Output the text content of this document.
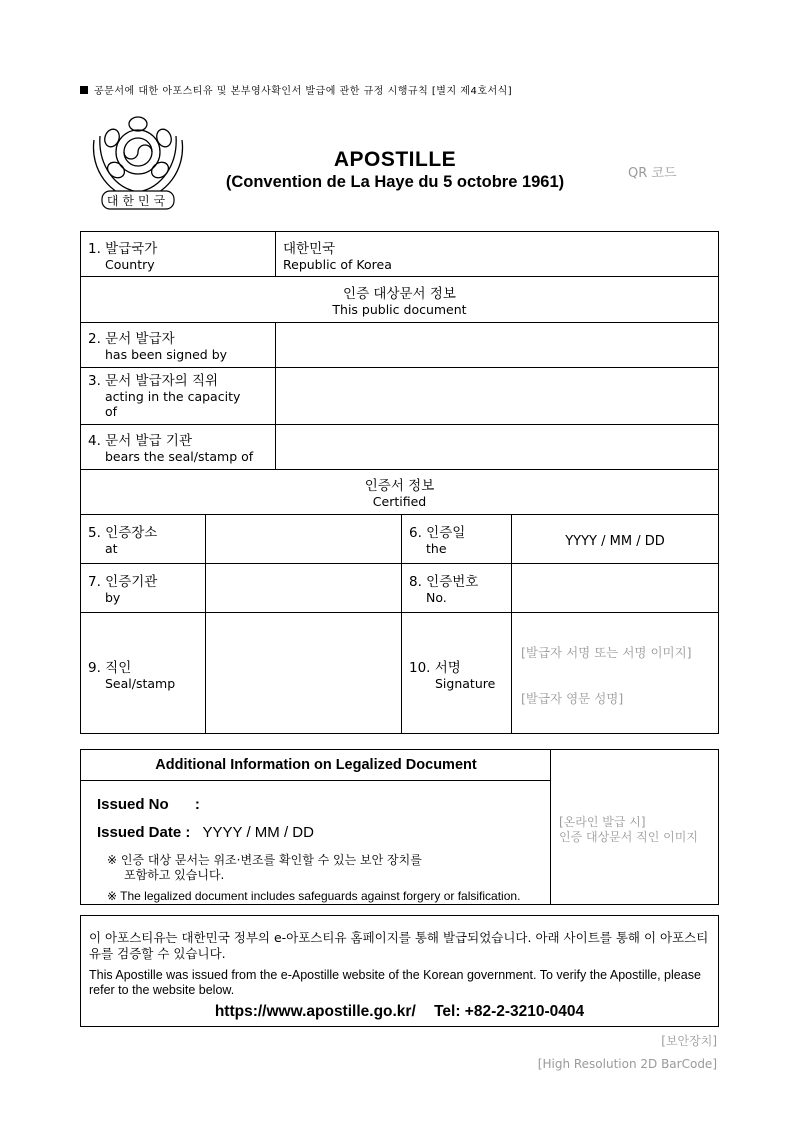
공문서에 대한 아포스티유 및 본부영사확인서 발급에 관한 규정 시행규칙 [별지 제4호서식]
대한민국
APOSTILLE
(Convention de La Haye du 5 octobre 1961)	QR 코드
1. 발급국가
Country
대한민국
Republic of Korea
인증 대상문서 정보
This public document
2. 문서 발급자
has been signed by
3. 문서 발급자의 직위
acting in the capacity
of
4. 문서 발급 기관
bears the seal/stamp of
인증서 정보
Certified
5. 인증장소
at
6. 인증일
the	YYYY / MM / DD
7. 인증기관
by
8. 인증번호
No.
9. 직인
Seal/stamp
10. 서명
Signature
[발급자 서명 또는 서명 이미지]
[발급자 영문 성명]
Additional Information on Legalized Document
Issued No :
Issued Date : YYYY / MM / DD
※ 인증 대상 문서는 위조·변조를 확인할 수 있는 보안 장치를
포함하고 있습니다.
※ The legalized document includes safeguards against forgery or falsification.
[온라인 발급 시]
인증 대상문서 직인 이미지
이 아포스티유는 대한민국 정부의 e-아포스티유 홈페이지를 통해 발급되었습니다. 아래 사이트를 통해 이 아포스티유를 검증할 수 있습니다.
This Apostille was issued from the e-Apostille website of the Korean government. To verify the Apostille, please refer to the website below.
https://www.apostille.go.kr/ Tel: +82-2-3210-0404
[보안장치]
[High Resolution 2D BarCode]
